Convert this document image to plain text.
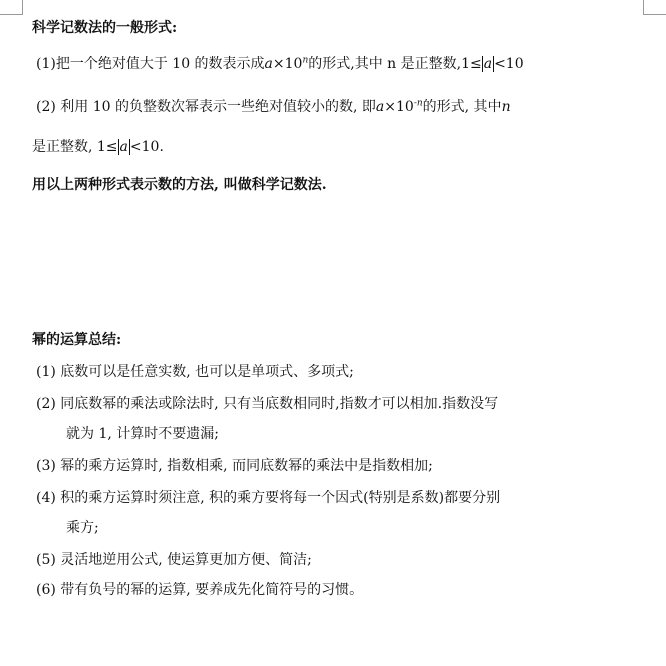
科学记数法的一般形式:
(1)把一个绝对值大于 10 的数表示成$a\times 10^n$的形式,其中 n 是正整数,1≤ a <10
(2) 利用 10 的负整数次幂表示一些绝对值较小的数, 即$a\times 10^{-n}$的形式, 其中n
是正整数, 1≤ a <10.
用以上两种形式表示数的方法, 叫做科学记数法.
幂的运算总结:
(1) 底数可以是任意实数, 也可以是单项式、多项式;
(2) 同底数幂的乘法或除法时, 只有当底数相同时,指数才可以相加.指数没写
就为 1, 计算时不要遗漏;
(3) 幂的乘方运算时, 指数相乘, 而同底数幂的乘法中是指数相加;
(4) 积的乘方运算时须注意, 积的乘方要将每一个因式(特别是系数)都要分别
乘方;
(5) 灵活地逆用公式, 使运算更加方便、简洁;
(6) 带有负号的幂的运算, 要养成先化简符号的习惯。
